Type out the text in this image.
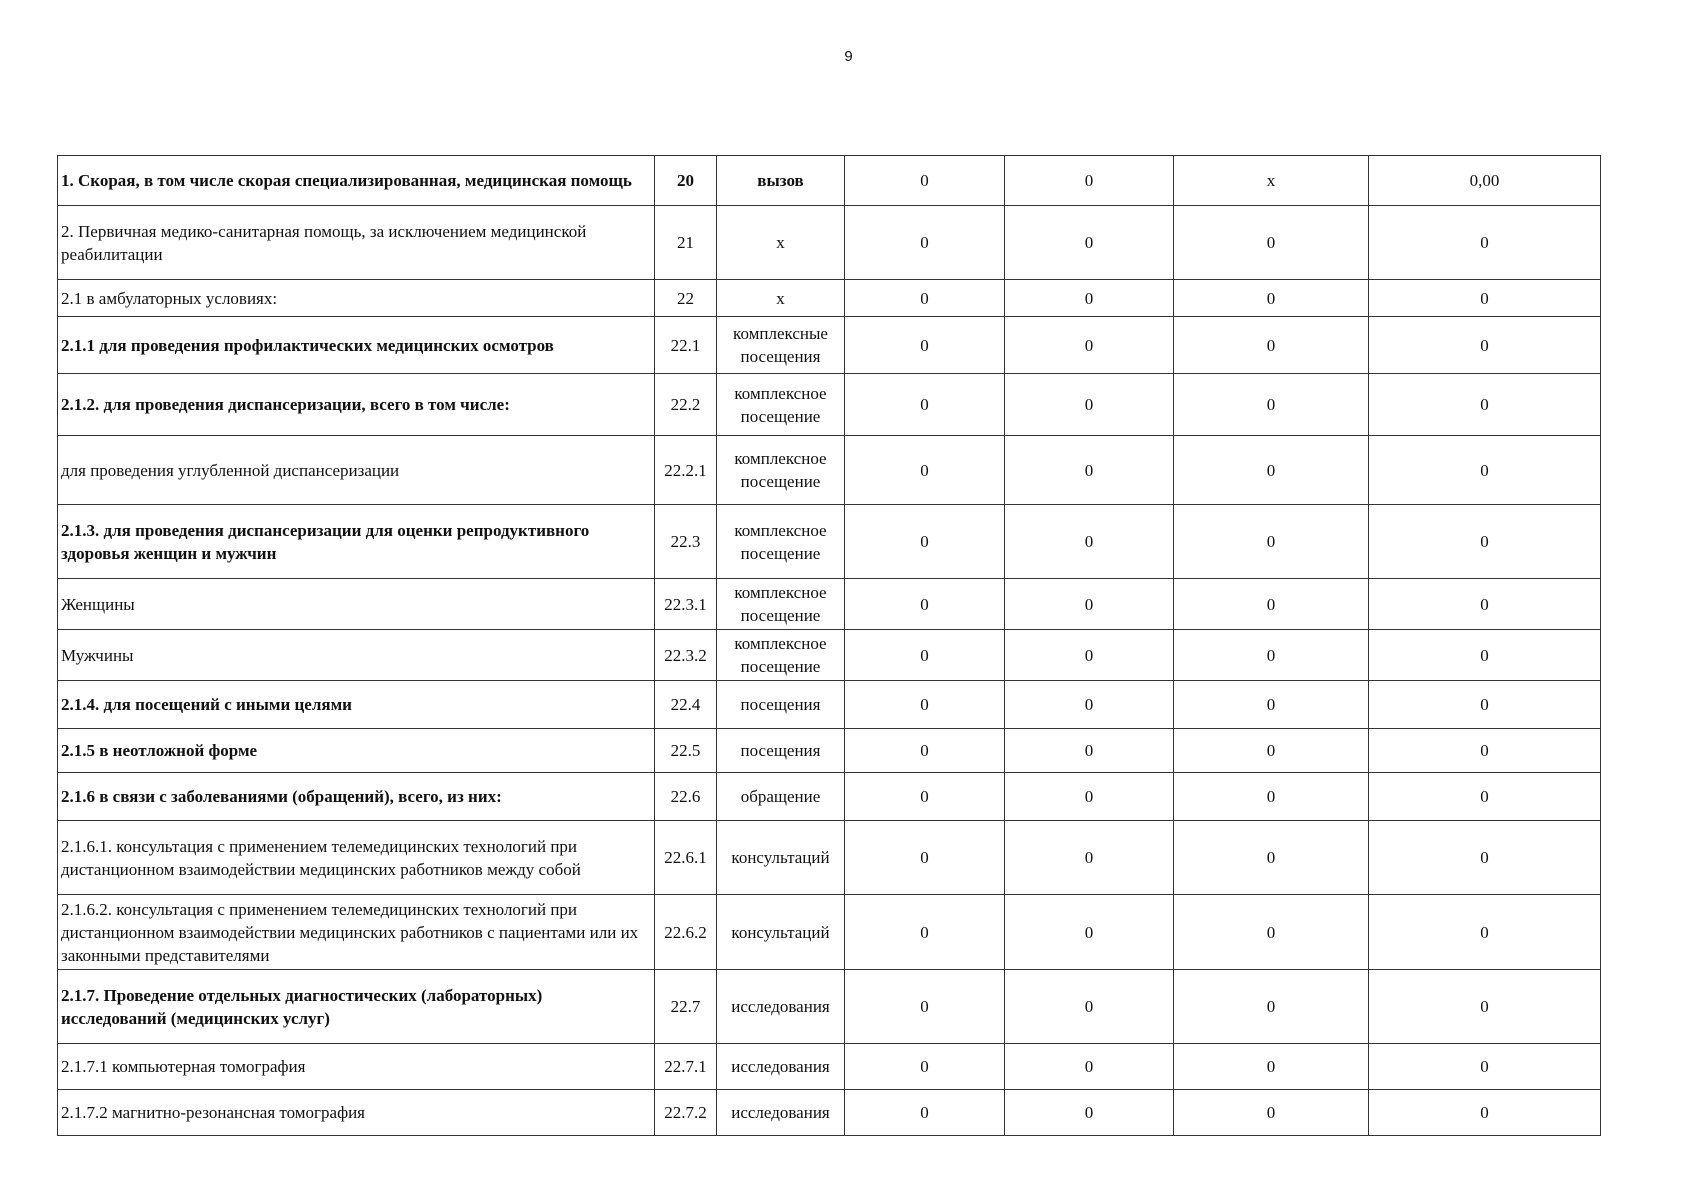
9
1. Скорая, в том числе скорая специализированная, медицинская помощь	20	вызов	0	0	х	0,00
2. Первичная медико-санитарная помощь, за исключением медицинской реабилитации	21	х	0	0	0	0
2.1 в амбулаторных условиях:	22	х	0	0	0	0
2.1.1 для проведения профилактических медицинских осмотров	22.1	комплексные посещения	0	0	0	0
2.1.2. для проведения диспансеризации, всего в том числе:	22.2	комплексное посещение	0	0	0	0
для проведения углубленной диспансеризации	22.2.1	комплексное посещение	0	0	0	0
2.1.3. для проведения диспансеризации для оценки репродуктивного здоровья женщин и мужчин	22.3	комплексное посещение	0	0	0	0
Женщины	22.3.1	комплексное посещение	0	0	0	0
Мужчины	22.3.2	комплексное посещение	0	0	0	0
2.1.4. для посещений с иными целями	22.4	посещения	0	0	0	0
2.1.5 в неотложной форме	22.5	посещения	0	0	0	0
2.1.6 в связи с заболеваниями (обращений), всего, из них:	22.6	обращение	0	0	0	0
2.1.6.1. консультация с применением телемедицинских технологий при дистанционном взаимодействии медицинских работников между собой	22.6.1	консультаций	0	0	0	0
2.1.6.2. консультация с применением телемедицинских технологий при дистанционном взаимодействии медицинских работников с пациентами или их законными представителями	22.6.2	консультаций	0	0	0	0
2.1.7. Проведение отдельных диагностических (лабораторных) исследований (медицинских услуг)	22.7	исследования	0	0	0	0
2.1.7.1 компьютерная томография	22.7.1	исследования	0	0	0	0
2.1.7.2 магнитно-резонансная томография	22.7.2	исследования	0	0	0	0
